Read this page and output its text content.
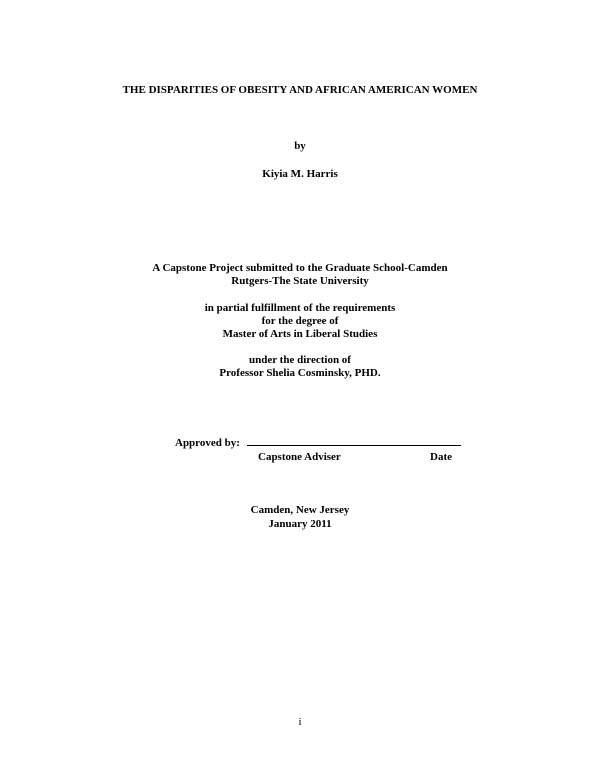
THE DISPARITIES OF OBESITY AND AFRICAN AMERICAN WOMEN
by
Kiyia M. Harris
A Capstone Project submitted to the Graduate School-Camden
Rutgers-The State University
in partial fulfillment of the requirements
for the degree of
Master of Arts in Liberal Studies
under the direction of
Professor Shelia Cosminsky, PHD.
Approved by:
Capstone Adviser	Date
Camden, New Jersey
January 2011
i
